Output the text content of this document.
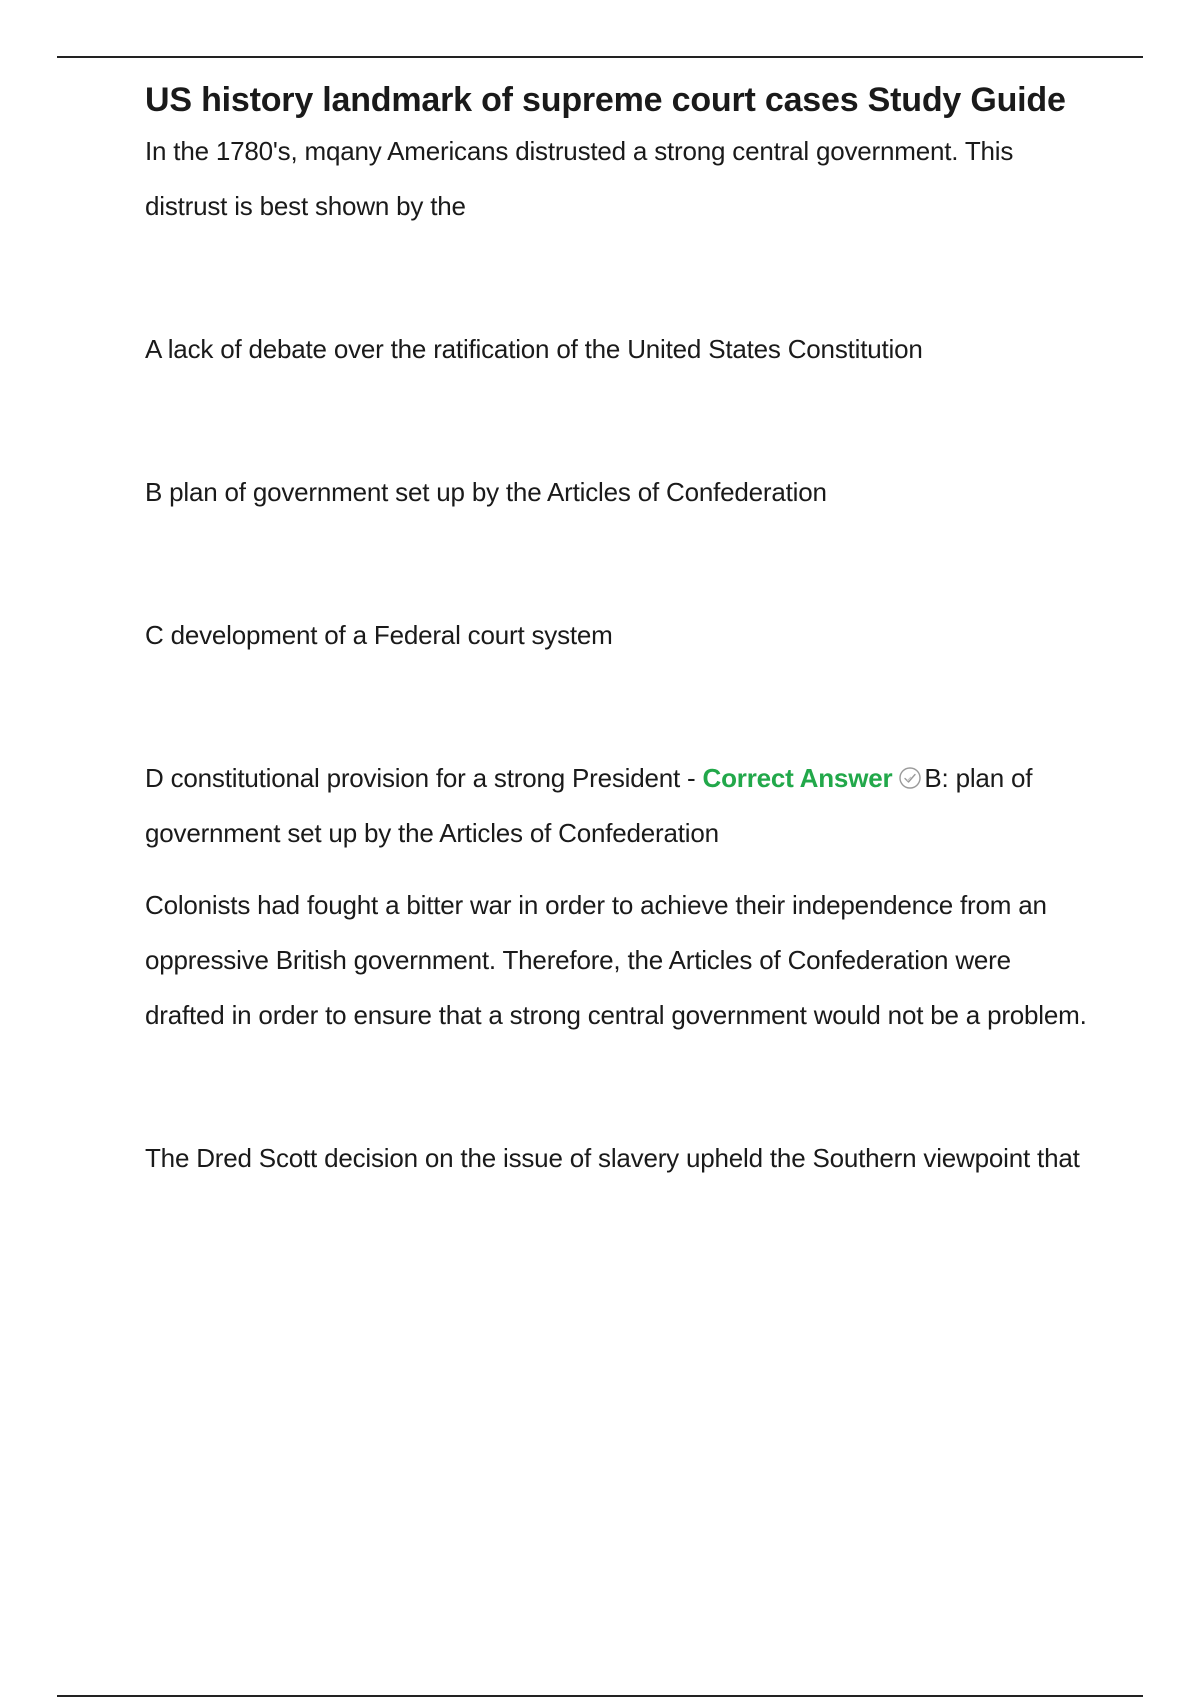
US history landmark of supreme court cases Study Guide

In the 1780's, mqany Americans distrusted a strong central government. This distrust is best shown by the

A lack of debate over the ratification of the United States Constitution

B plan of government set up by the Articles of Confederation

C development of a Federal court system

D constitutional provision for a strong President - Correct Answer B: plan of government set up by the Articles of Confederation

Colonists had fought a bitter war in order to achieve their independence from an oppressive British government. Therefore, the Articles of Confederation were drafted in order to ensure that a strong central government would not be a problem.

The Dred Scott decision on the issue of slavery upheld the Southern viewpoint that
